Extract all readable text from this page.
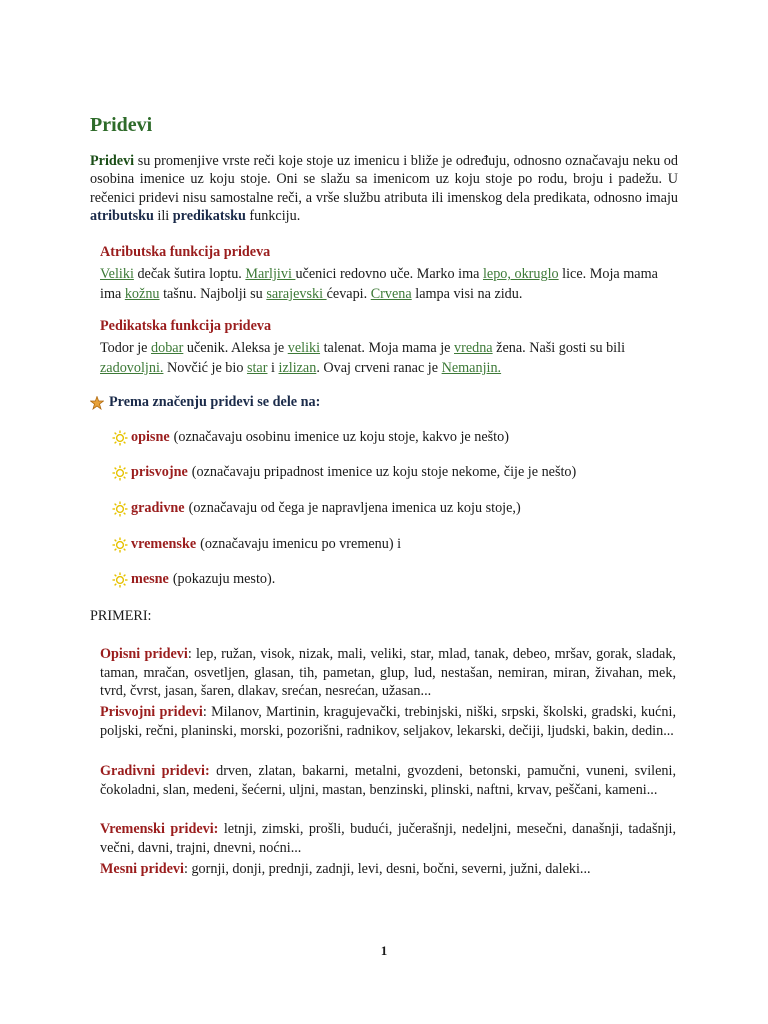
Pridevi

Pridevi su promenjive vrste reči koje stoje uz imenicu i bliže je određuju, odnosno označavaju neku od osobina imenice uz koju stoje. Oni se slažu sa imenicom uz koju stoje po rodu, broju i padežu. U rečenici pridevi nisu samostalne reči, a vrše službu atributa ili imenskog dela predikata, odnosno imaju atributsku ili predikatsku funkciju.

Atributska funkcija prideva

Veliki dečak šutira loptu. Marljivi učenici redovno uče. Marko ima lepo, okruglo lice. Moja mama ima kožnu tašnu. Najbolji su sarajevski ćevapi. Crvena lampa visi na zidu.

Pedikatska funkcija prideva

Todor je dobar učenik. Aleksa je veliki talenat. Moja mama je vredna žena. Naši gosti su bili zadovoljni. Novčić je bio star i izlizan. Ovaj crveni ranac je Nemanjin.

Prema značenju pridevi se dele na:
opisne (označavaju osobinu imenice uz koju stoje, kakvo je nešto)
prisvojne (označavaju pripadnost imenice uz koju stoje nekome, čije je nešto)
gradivne (označavaju od čega je napravljena imenica uz koju stoje,)
vremenske (označavaju imenicu po vremenu) i
mesne (pokazuju mesto).

PRIMERI:

Opisni pridevi: lep, ružan, visok, nizak, mali, veliki, star, mlad, tanak, debeo, mršav, gorak, sladak, taman, mračan, osvetljen, glasan, tih, pametan, glup, lud, nestašan, nemiran, miran, živahan, mek, tvrd, čvrst, jasan, šaren, dlakav, srećan, nesrećan, užasan...

Prisvojni pridevi: Milanov, Martinin, kragujevački, trebinjski, niški, srpski, školski, gradski, kućni, poljski, rečni, planinski, morski, pozorišni, radnikov, seljakov, lekarski, dečiji, ljudski, bakin, dedin...

Gradivni pridevi: drven, zlatan, bakarni, metalni, gvozdeni, betonski, pamučni, vuneni, svileni, čokoladni, slan, medeni, šećerni, uljni, mastan, benzinski, plinski, naftni, krvav, peščani, kameni...

Vremenski pridevi: letnji, zimski, prošli, budući, jučerašnji, nedeljni, mesečni, današnji, tadašnji, večni, davni, trajni, dnevni, noćni...

Mesni pridevi: gornji, donji, prednji, zadnji, levi, desni, bočni, severni, južni, daleki...

1
